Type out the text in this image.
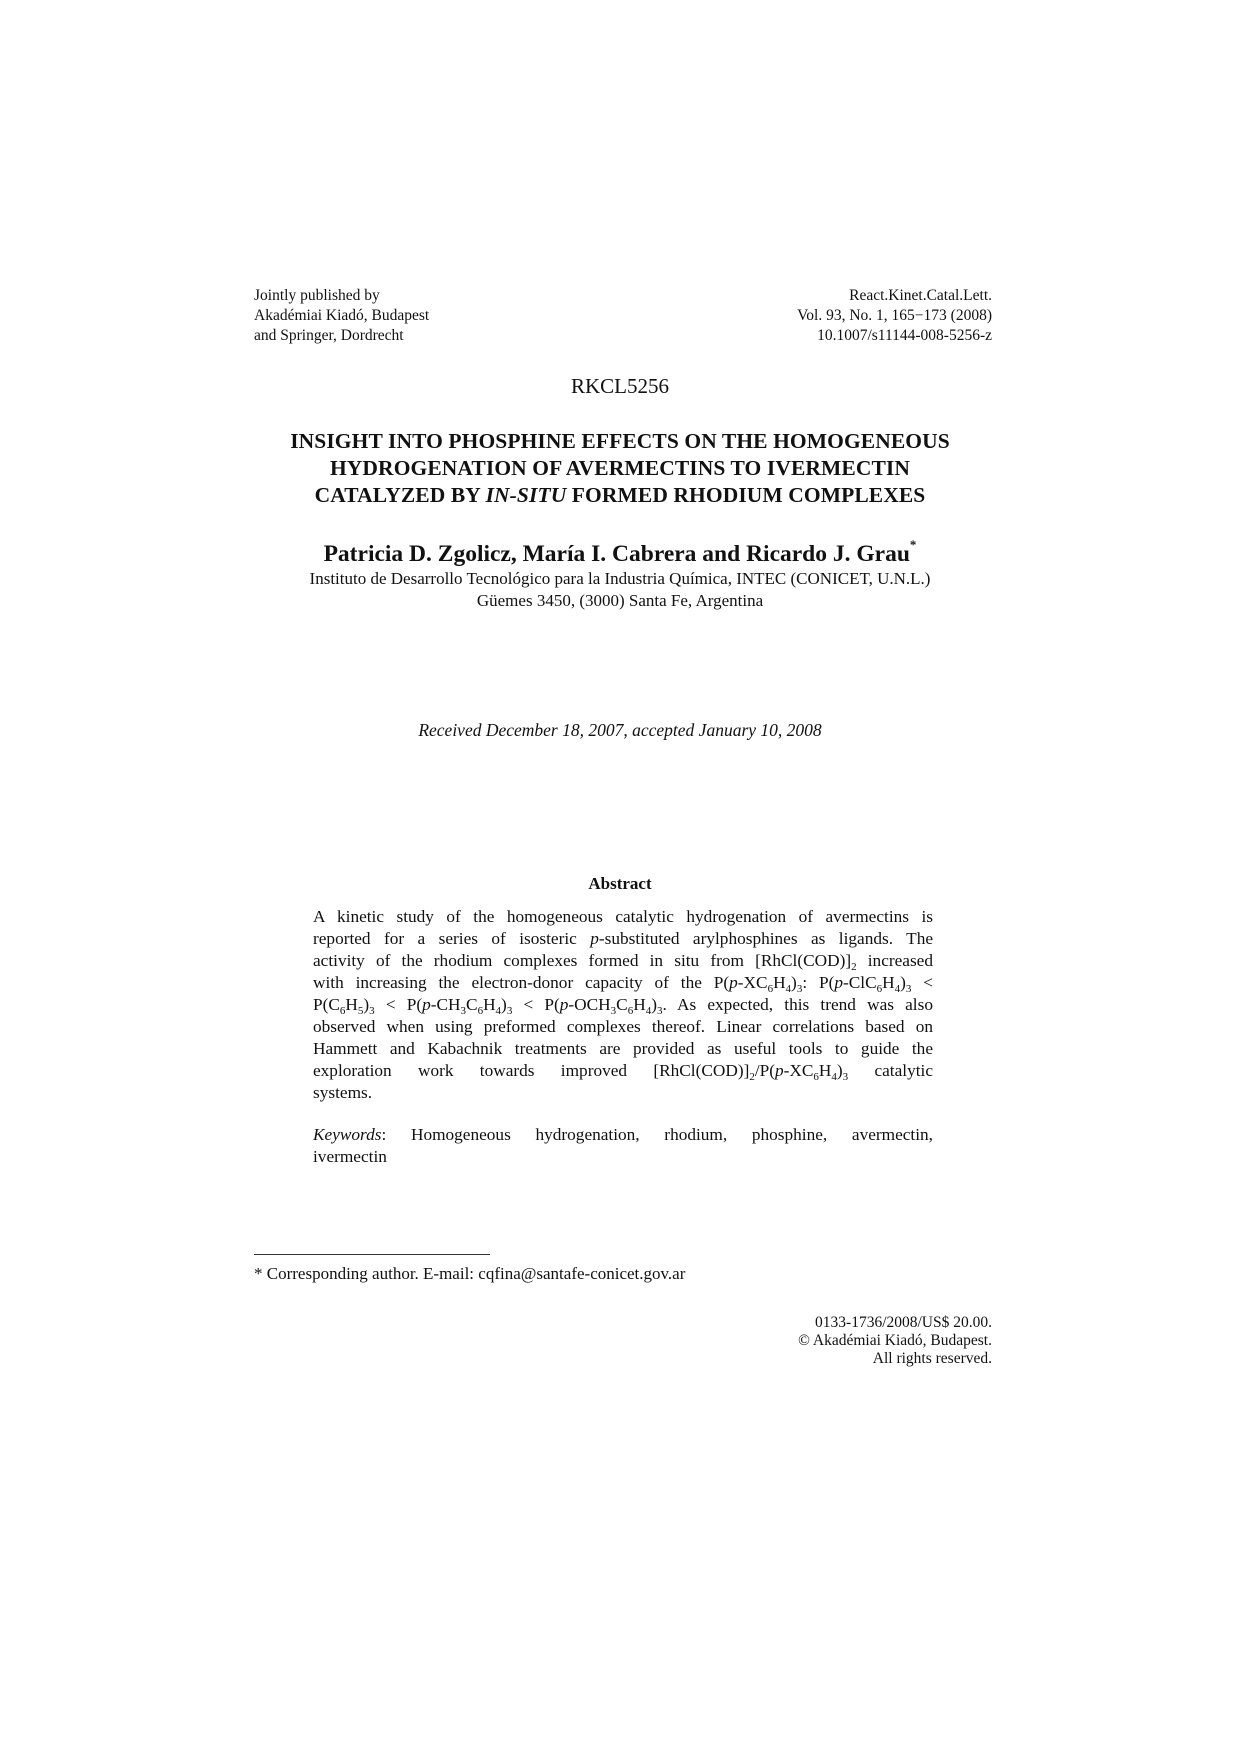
Jointly published by
Akadémiai Kiadó, Budapest
and Springer, Dordrecht
React.Kinet.Catal.Lett.
Vol. 93, No. 1, 165−173 (2008)
10.1007/s11144-008-5256-z
RKCL5256
INSIGHT INTO PHOSPHINE EFFECTS ON THE HOMOGENEOUS
HYDROGENATION OF AVERMECTINS TO IVERMECTIN
CATALYZED BY IN-SITU FORMED RHODIUM COMPLEXES
Patricia D. Zgolicz, María I. Cabrera and Ricardo J. Grau*
Instituto de Desarrollo Tecnológico para la Industria Química, INTEC (CONICET, U.N.L.)
Güemes 3450, (3000) Santa Fe, Argentina
Received December 18, 2007, accepted January 10, 2008
Abstract
A kinetic study of the homogeneous catalytic hydrogenation of avermectins is
reported for a series of isosteric p-substituted arylphosphines as ligands. The
activity of the rhodium complexes formed in situ from $[RhCl(COD)]_2$ increased
with increasing the electron-donor capacity of the $P(p-XC_6H_4)_3$: $P(p-ClC_6H_4)_3$ <
$P(C_6H_5)_3 < P(p-CH_3C_6H_4)_3 < P(p-OCH_3C_6H_4)_3$. As expected, this trend was also
observed when using preformed complexes thereof. Linear correlations based on
Hammett and Kabachnik treatments are provided as useful tools to guide the
exploration work towards improved $[RhCl(COD)]_2/P(p-XC_6H_4)_3$ catalytic
systems.
Keywords: Homogeneous hydrogenation, rhodium, phosphine, avermectin,
ivermectin
* Corresponding author. E-mail: cqfina@santafe-conicet.gov.ar
0133-1736/2008/US$ 20.00.
© Akadémiai Kiadó, Budapest.
All rights reserved.
